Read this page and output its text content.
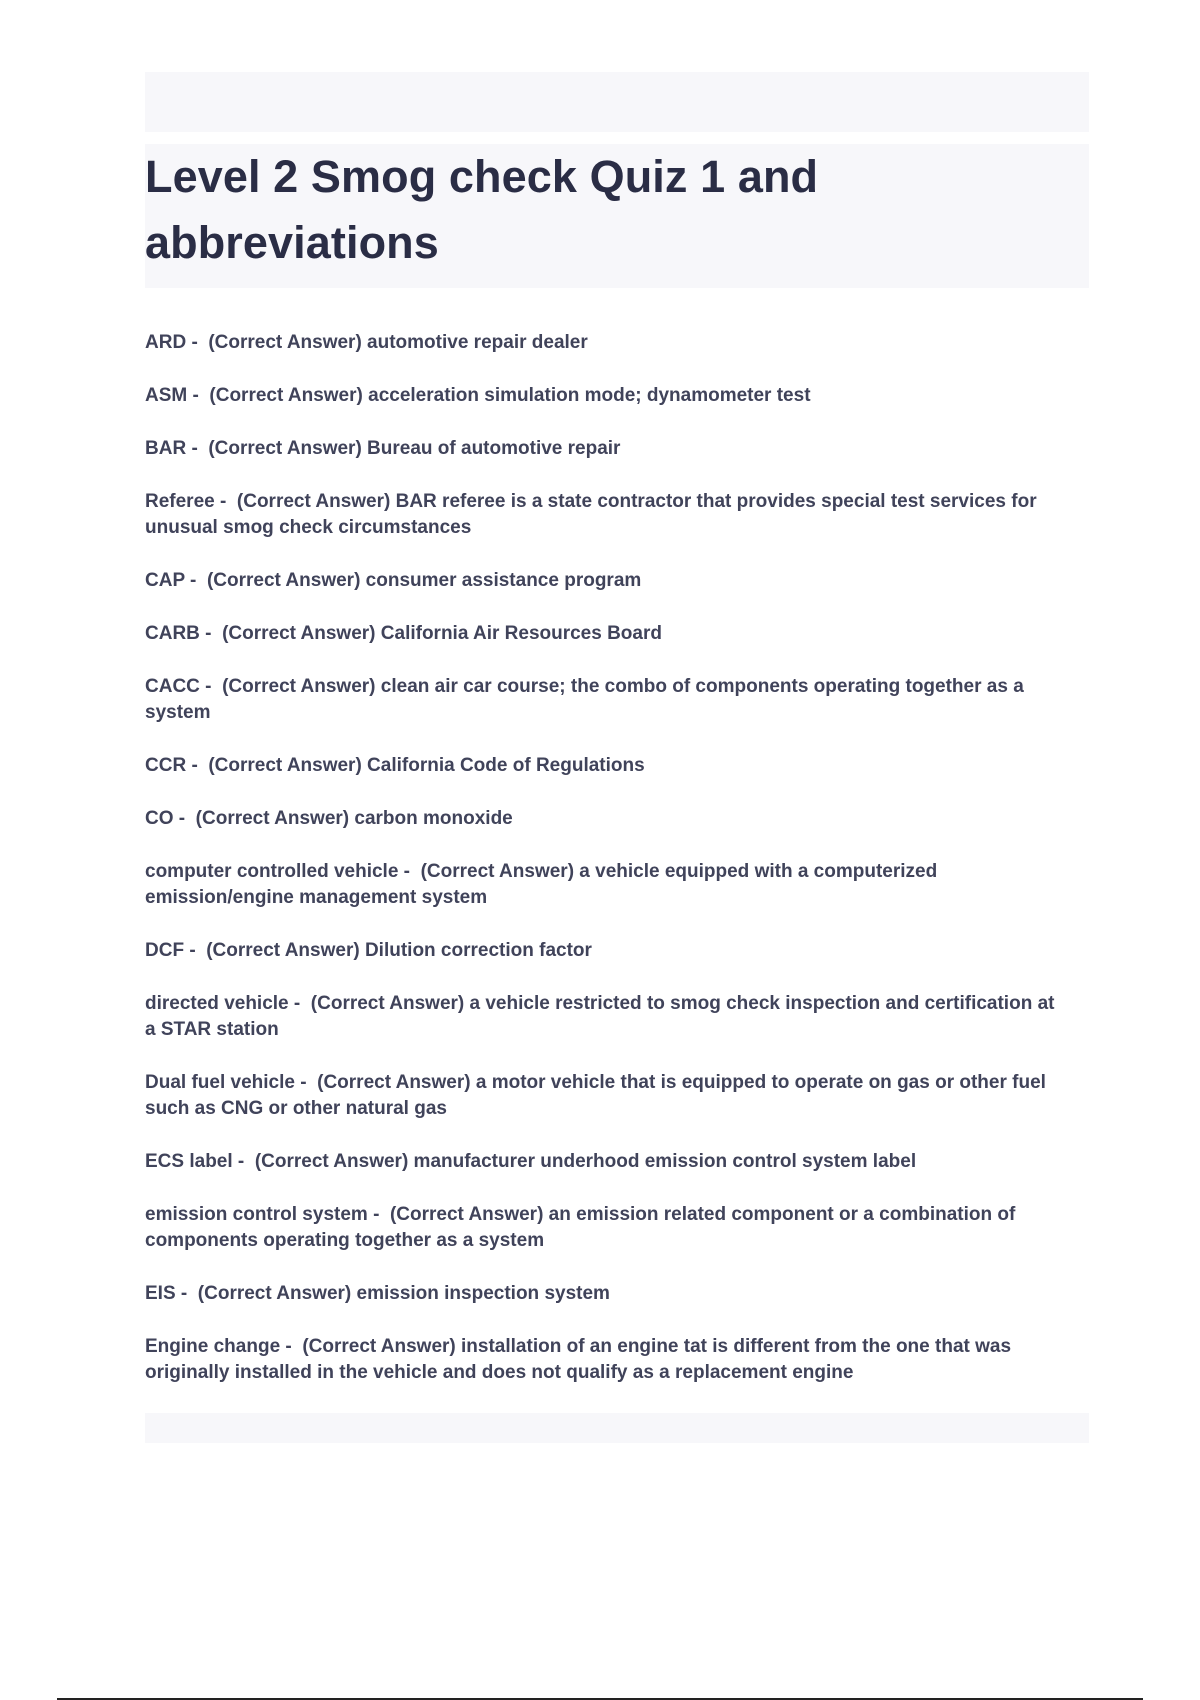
Level 2 Smog check Quiz 1 and abbreviations
ARD -  (Correct Answer) automotive repair dealer
ASM -  (Correct Answer) acceleration simulation mode; dynamometer test
BAR -  (Correct Answer) Bureau of automotive repair
Referee -  (Correct Answer) BAR referee is a state contractor that provides special test services for unusual smog check circumstances
CAP -  (Correct Answer) consumer assistance program
CARB -  (Correct Answer) California Air Resources Board
CACC -  (Correct Answer) clean air car course; the combo of components operating together as a system
CCR -  (Correct Answer) California Code of Regulations
CO -  (Correct Answer) carbon monoxide
computer controlled vehicle -  (Correct Answer) a vehicle equipped with a computerized emission/engine management system
DCF -  (Correct Answer) Dilution correction factor
directed vehicle -  (Correct Answer) a vehicle restricted to smog check inspection and certification at a STAR station
Dual fuel vehicle -  (Correct Answer) a motor vehicle that is equipped to operate on gas or other fuel such as CNG or other natural gas
ECS label -  (Correct Answer) manufacturer underhood emission control system label
emission control system -  (Correct Answer) an emission related component or a combination of components operating together as a system
EIS -  (Correct Answer) emission inspection system
Engine change -  (Correct Answer) installation of an engine tat is different from the one that was originally installed in the vehicle and does not qualify as a replacement engine
